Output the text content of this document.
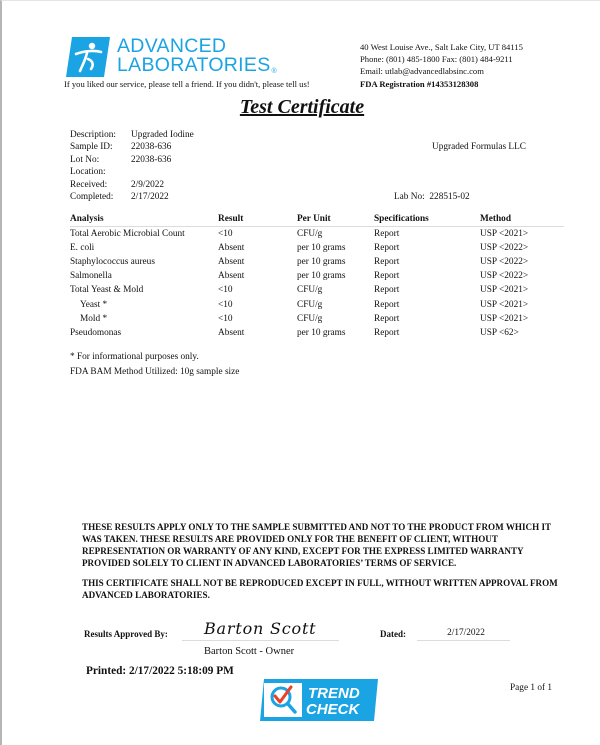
ADVANCED
LABORATORIES®
If you liked our service, please tell a friend. If you didn't, please tell us!
40 West Louise Ave., Salt Lake City, UT 84115
Phone: (801) 485-1800 Fax: (801) 484-9211
Email: utlab@advancedlabsinc.com
FDA Registration #14353128308
Test Certificate
Description:	Upgraded Iodine
Sample ID:	22038-636
Lot No:	22038-636
Location:
Received:	2/9/2022
Completed:	2/17/2022
Upgraded Formulas LLC
Lab No: 228515-02
Analysis	Result	Per Unit	Specifications	Method
Total Aerobic Microbial Count	<10	CFU/g	Report	USP <2021>
E. coli	Absent	per 10 grams	Report	USP <2022>
Staphylococcus aureus	Absent	per 10 grams	Report	USP <2022>
Salmonella	Absent	per 10 grams	Report	USP <2022>
Total Yeast & Mold	<10	CFU/g	Report	USP <2021>
Yeast *	<10	CFU/g	Report	USP <2021>
Mold *	<10	CFU/g	Report	USP <2021>
Pseudomonas	Absent	per 10 grams	Report	USP <62>
* For informational purposes only.
FDA BAM Method Utilized: 10g sample size

THESE RESULTS APPLY ONLY TO THE SAMPLE SUBMITTED AND NOT TO THE PRODUCT FROM WHICH IT WAS TAKEN. THESE RESULTS ARE PROVIDED ONLY FOR THE BENEFIT OF CLIENT, WITHOUT REPRESENTATION OR WARRANTY OF ANY KIND, EXCEPT FOR THE EXPRESS LIMITED WARRANTY PROVIDED SOLELY TO CLIENT IN ADVANCED LABORATORIES’ TERMS OF SERVICE.

THIS CERTIFICATE SHALL NOT BE REPRODUCED EXCEPT IN FULL, WITHOUT WRITTEN APPROVAL FROM ADVANCED LABORATORIES.

Results Approved By: Barton Scott
Barton Scott - Owner
Dated:	2/17/2022
Printed: 2/17/2022 5:18:09 PM
TREND
CHECK
Page 1 of 1
